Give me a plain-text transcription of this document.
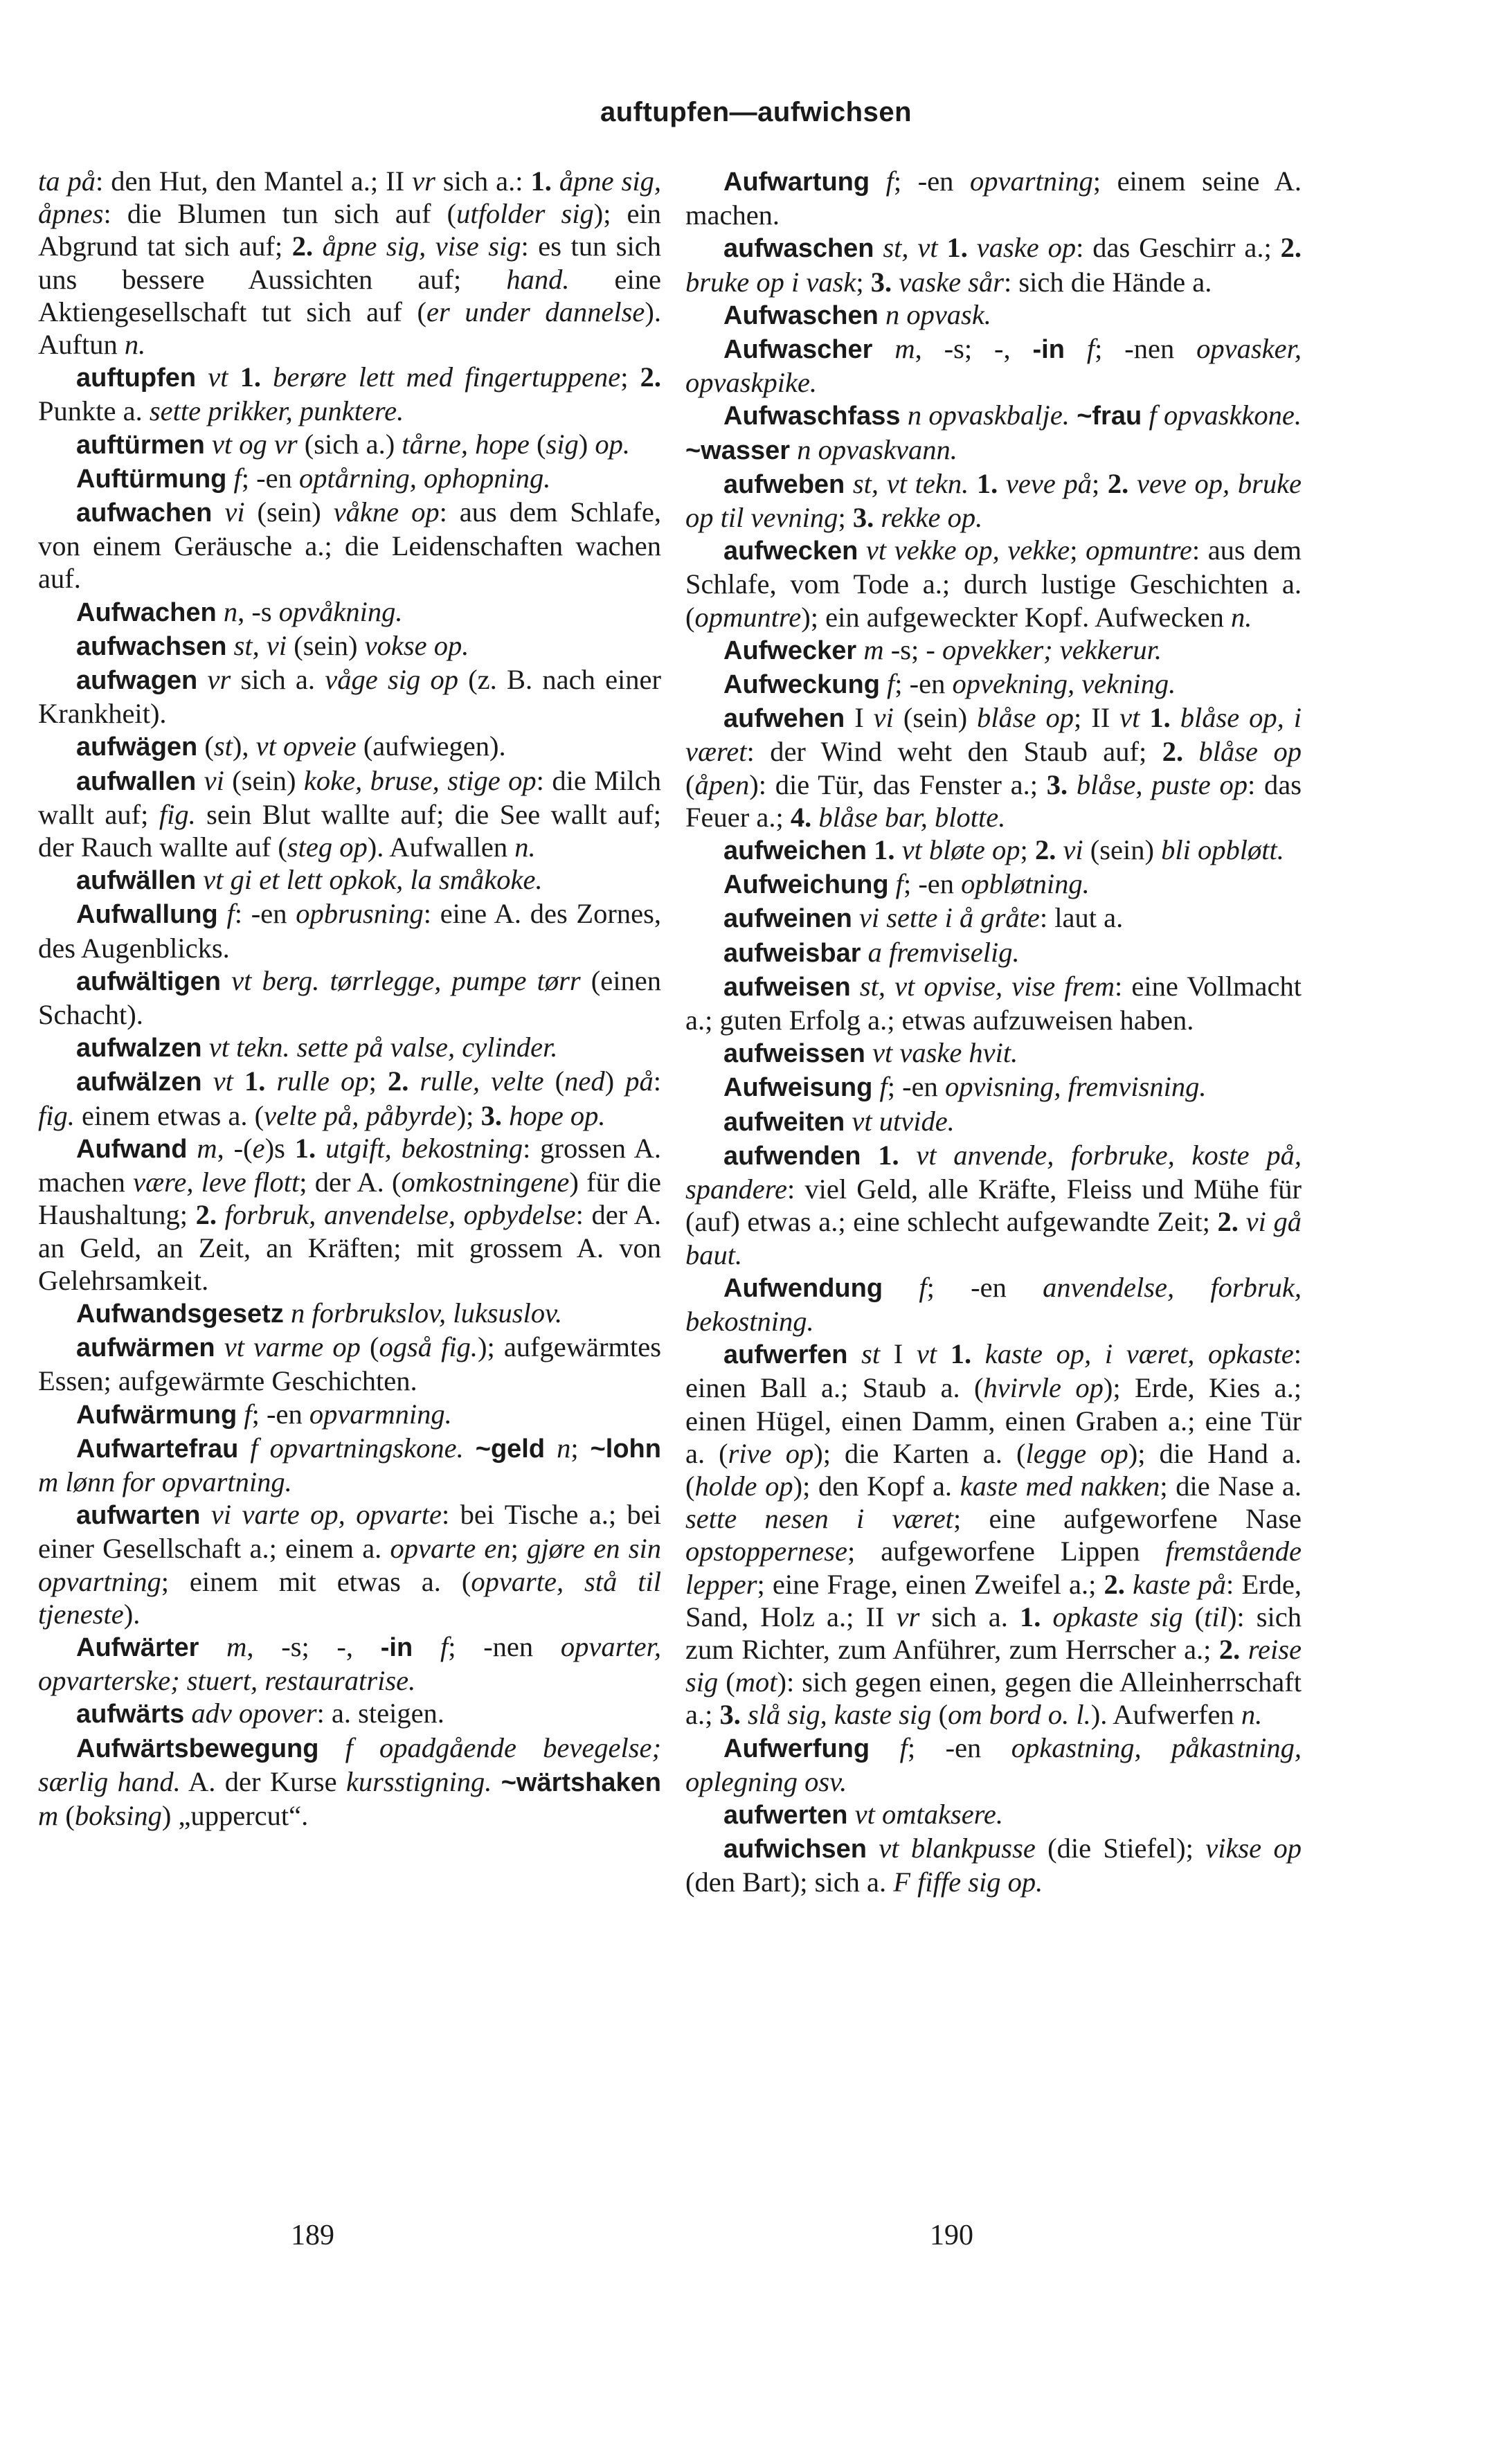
auftupfen—aufwichsen

ta på: den Hut, den Mantel a.; II vr sich a.: 1. åpne sig, åpnes: die Blumen tun sich auf (utfolder sig); ein Abgrund tat sich auf; 2. åpne sig, vise sig: es tun sich uns bessere Aussichten auf; hand. eine Aktiengesellschaft tut sich auf (er under dannelse). Auftun n.

auftupfen vt 1. berøre lett med fingertuppene; 2. Punkte a. sette prikker, punktere.

auftürmen vt og vr (sich a.) tårne, hope (sig) op.

Auftürmung f; -en optårning, ophopning.

aufwachen vi (sein) våkne op: aus dem Schlafe, von einem Geräusche a.; die Leidenschaften wachen auf.

Aufwachen n, -s opvåkning.

aufwachsen st, vi (sein) vokse op.

aufwagen vr sich a. våge sig op (z. B. nach einer Krankheit).

aufwägen (st), vt opveie (aufwiegen).

aufwallen vi (sein) koke, bruse, stige op: die Milch wallt auf; fig. sein Blut wallte auf; die See wallt auf; der Rauch wallte auf (steg op). Aufwallen n.

aufwällen vt gi et lett opkok, la småkoke.

Aufwallung f: -en opbrusning: eine A. des Zornes, des Augenblicks.

aufwältigen vt berg. tørrlegge, pumpe tørr (einen Schacht).

aufwalzen vt tekn. sette på valse, cylinder.

aufwälzen vt 1. rulle op; 2. rulle, velte (ned) på: fig. einem etwas a. (velte på, påbyrde); 3. hope op.

Aufwand m, -(e)s 1. utgift, bekostning: grossen A. machen være, leve flott; der A. (omkostningene) für die Haushaltung; 2. forbruk, anvendelse, opbydelse: der A. an Geld, an Zeit, an Kräften; mit grossem A. von Gelehrsamkeit.

Aufwandsgesetz n forbrukslov, luksuslov.

aufwärmen vt varme op (også fig.); aufgewärmtes Essen; aufgewärmte Geschichten.

Aufwärmung f; -en opvarmning.

Aufwartefrau f opvartningskone. ~geld n; ~lohn m lønn for opvartning.

aufwarten vi varte op, opvarte: bei Tische a.; bei einer Gesellschaft a.; einem a. opvarte en; gjøre en sin opvartning; einem mit etwas a. (opvarte, stå til tjeneste).

Aufwärter m, -s; -, -in f; -nen opvarter, opvarterske; stuert, restauratrise.

aufwärts adv opover: a. steigen.

Aufwärtsbewegung f opadgående bevegelse; særlig hand. A. der Kurse kursstigning. ~wärtshaken m (boksing) „uppercut“.

Aufwartung f; -en opvartning; einem seine A. machen.

aufwaschen st, vt 1. vaske op: das Geschirr a.; 2. bruke op i vask; 3. vaske sår: sich die Hände a.

Aufwaschen n opvask.

Aufwascher m, -s; -, -in f; -nen opvasker, opvaskpike.

Aufwaschfass n opvaskbalje. ~frau f opvaskkone. ~wasser n opvaskvann.

aufweben st, vt tekn. 1. veve på; 2. veve op, bruke op til vevning; 3. rekke op.

aufwecken vt vekke op, vekke; opmuntre: aus dem Schlafe, vom Tode a.; durch lustige Geschichten a. (opmuntre); ein aufgeweckter Kopf. Aufwecken n.

Aufwecker m -s; - opvekker; vekkerur.

Aufweckung f; -en opvekning, vekning.

aufwehen I vi (sein) blåse op; II vt 1. blåse op, i været: der Wind weht den Staub auf; 2. blåse op (åpen): die Tür, das Fenster a.; 3. blåse, puste op: das Feuer a.; 4. blåse bar, blotte.

aufweichen 1. vt bløte op; 2. vi (sein) bli opbløtt.

Aufweichung f; -en opbløtning.

aufweinen vi sette i å gråte: laut a.

aufweisbar a fremviselig.

aufweisen st, vt opvise, vise frem: eine Vollmacht a.; guten Erfolg a.; etwas aufzuweisen haben.

aufweissen vt vaske hvit.

Aufweisung f; -en opvisning, fremvisning.

aufweiten vt utvide.

aufwenden 1. vt anvende, forbruke, koste på, spandere: viel Geld, alle Kräfte, Fleiss und Mühe für (auf) etwas a.; eine schlecht aufgewandte Zeit; 2. vi gå baut.

Aufwendung f; -en anvendelse, forbruk, bekostning.

aufwerfen st I vt 1. kaste op, i været, opkaste: einen Ball a.; Staub a. (hvirvle op); Erde, Kies a.; einen Hügel, einen Damm, einen Graben a.; eine Tür a. (rive op); die Karten a. (legge op); die Hand a. (holde op); den Kopf a. kaste med nakken; die Nase a. sette nesen i været; eine aufgeworfene Nase opstoppernese; aufgeworfene Lippen fremstående lepper; eine Frage, einen Zweifel a.; 2. kaste på: Erde, Sand, Holz a.; II vr sich a. 1. opkaste sig (til): sich zum Richter, zum Anführer, zum Herrscher a.; 2. reise sig (mot): sich gegen einen, gegen die Alleinherrschaft a.; 3. slå sig, kaste sig (om bord o. l.). Aufwerfen n.

Aufwerfung f; -en opkastning, påkastning, oplegning osv.

aufwerten vt omtaksere.

aufwichsen vt blankpusse (die Stiefel); vikse op (den Bart); sich a. F fiffe sig op.

189	190
